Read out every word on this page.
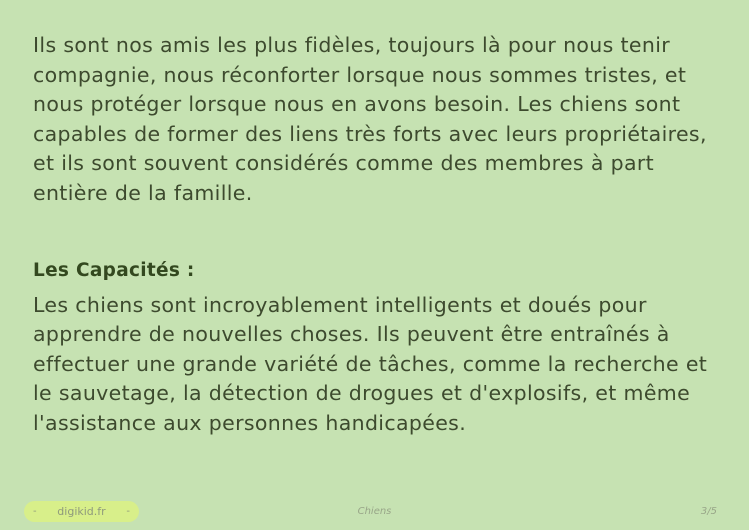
Ils sont nos amis les plus fidèles, toujours là pour nous tenir compagnie, nous réconforter lorsque nous sommes tristes, et nous protéger lorsque nous en avons besoin. Les chiens sont capables de former des liens très forts avec leurs propriétaires, et ils sont souvent considérés comme des membres à part entière de la famille.

Les Capacités :

Les chiens sont incroyablement intelligents et doués pour apprendre de nouvelles choses. Ils peuvent être entraînés à effectuer une grande variété de tâches, comme la recherche et le sauvetage, la détection de drogues et d'explosifs, et même l'assistance aux personnes handicapées.

- digikid.fr -	Chiens	3/5
